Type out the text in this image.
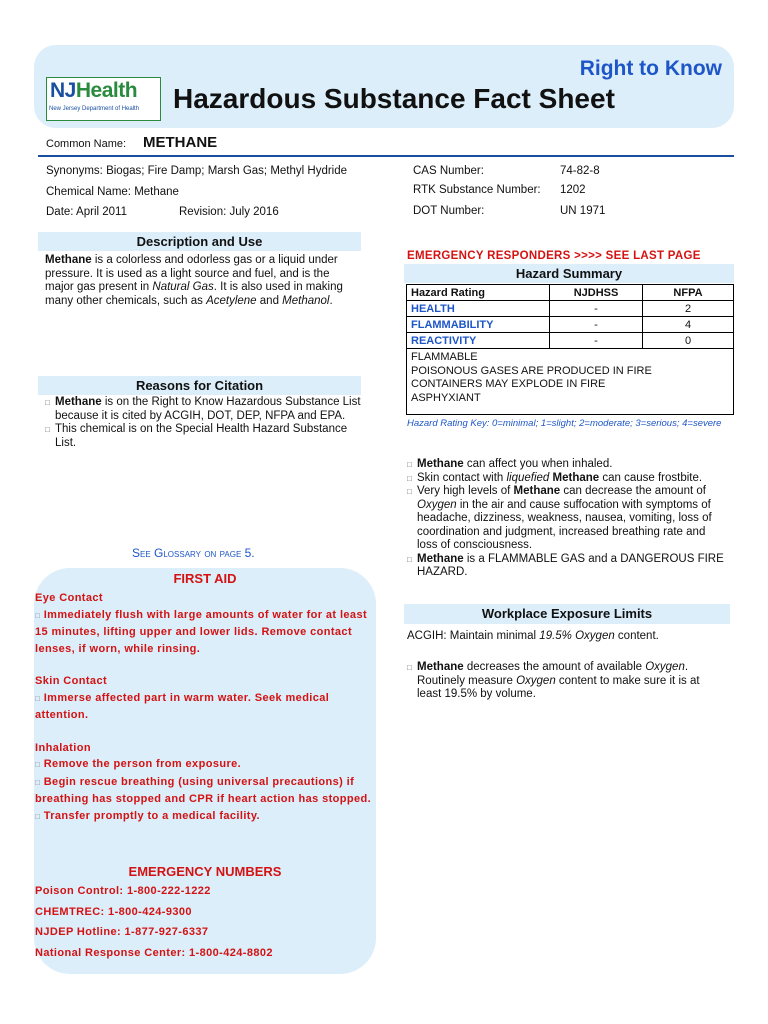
NJHealth
New Jersey Department of Health
Right to Know
Hazardous Substance Fact Sheet
Common Name: METHANE
Synonyms: Biogas; Fire Damp; Marsh Gas; Methyl Hydride
Chemical Name: Methane
Date: April 2011	Revision: July 2016
CAS Number:	74-82-8
RTK Substance Number: 1202
DOT Number:	UN 1971
Description and Use
Methane is a colorless and odorless gas or a liquid under pressure. It is used as a light source and fuel, and is the major gas present in Natural Gas. It is also used in making many other chemicals, such as Acetylene and Methanol.
Reasons for Citation
□ Methane is on the Right to Know Hazardous Substance List because it is cited by ACGIH, DOT, DEP, NFPA and EPA.
□ This chemical is on the Special Health Hazard Substance List.
See Glossary on page 5.
FIRST AID
Eye Contact
□ Immediately flush with large amounts of water for at least 15 minutes, lifting upper and lower lids. Remove contact lenses, if worn, while rinsing.
Skin Contact
□ Immerse affected part in warm water. Seek medical attention.
Inhalation
□ Remove the person from exposure.
□ Begin rescue breathing (using universal precautions) if breathing has stopped and CPR if heart action has stopped.
□ Transfer promptly to a medical facility.
EMERGENCY NUMBERS
Poison Control: 1-800-222-1222
CHEMTREC: 1-800-424-9300
NJDEP Hotline: 1-877-927-6337
National Response Center: 1-800-424-8802
EMERGENCY RESPONDERS >>>> SEE LAST PAGE
Hazard Summary
Hazard Rating	NJDHSS	NFPA
HEALTH	-	2
FLAMMABILITY	-	4
REACTIVITY	-	0

FLAMMABLE
POISONOUS GASES ARE PRODUCED IN FIRE
CONTAINERS MAY EXPLODE IN FIRE
ASPHYXIANT		
Hazard Rating Key: 0=minimal; 1=slight; 2=moderate; 3=serious; 4=severe
□ Methane can affect you when inhaled.
□ Skin contact with liquefied Methane can cause frostbite.
□ Very high levels of Methane can decrease the amount of Oxygen in the air and cause suffocation with symptoms of headache, dizziness, weakness, nausea, vomiting, loss of coordination and judgment, increased breathing rate and loss of consciousness.
□ Methane is a FLAMMABLE GAS and a DANGEROUS FIRE HAZARD.
Workplace Exposure Limits
ACGIH: Maintain minimal 19.5% Oxygen content.
□ Methane decreases the amount of available Oxygen. Routinely measure Oxygen content to make sure it is at least 19.5% by volume.
